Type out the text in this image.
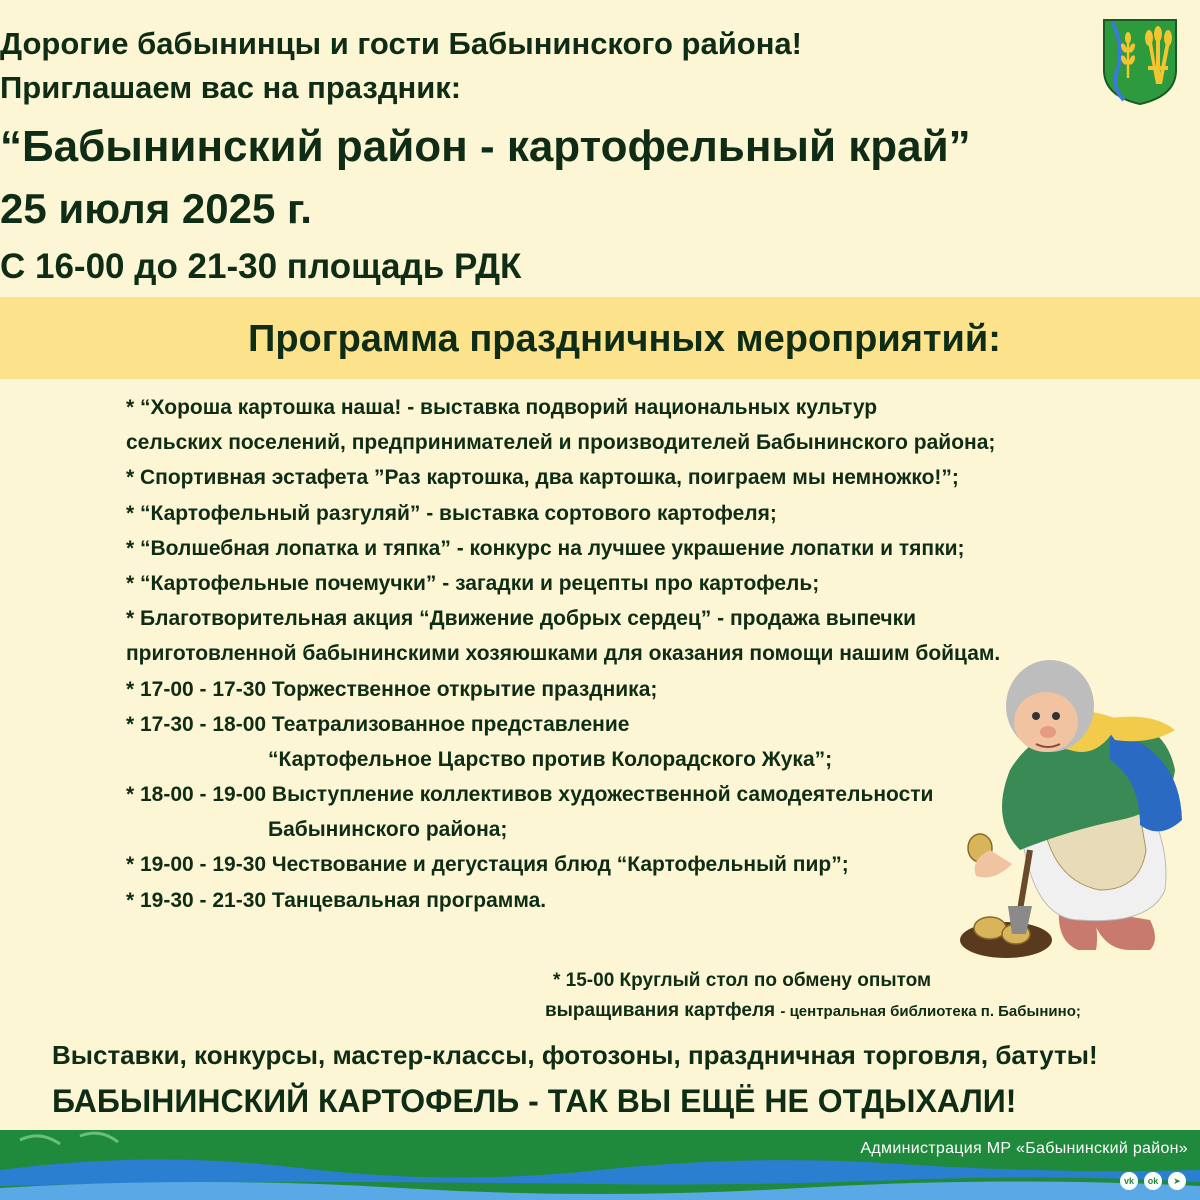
Дорогие бабынинцы и гости Бабынинского района!
Приглашаем вас на праздник:
“Бабынинский район - картофельный край”
25 июля 2025 г.
С 16-00 до 21-30 площадь РДК
Программа праздничных мероприятий:
* “Хороша картошка наша! - выставка подворий национальных культур
сельских поселений, предпринимателей и производителей Бабынинского района;
* Спортивная эстафета ”Раз картошка, два картошка, поиграем мы немножко!”;
* “Картофельный разгуляй” - выставка сортового картофеля;
* “Волшебная лопатка и тяпка” - конкурс на лучшее украшение лопатки и тяпки;
* “Картофельные почемучки” - загадки и рецепты про картофель;
* Благотворительная акция “Движение добрых сердец” - продажа выпечки
приготовленной бабынинскими хозяюшками для оказания помощи нашим бойцам.
* 17-00 - 17-30 Торжественное открытие праздника;
* 17-30 - 18-00 Театрализованное представление
“Картофельное Царство против Колорадского Жука”;
* 18-00 - 19-00 Выступление коллективов художественной самодеятельности
Бабынинского района;
* 19-00 - 19-30 Чествование и дегустация блюд “Картофельный пир”;
* 19-30 - 21-30 Танцевальная программа.
* 15-00 Круглый стол по обмену опытом
выращивания картфеля - центральная библиотека п. Бабынино;
Выставки, конкурсы, мастер-классы, фотозоны, праздничная торговля, батуты!
БАБЫНИНСКИЙ КАРТОФЕЛЬ - ТАК ВЫ ЕЩЁ НЕ ОТДЫХАЛИ!
Администрация МР «Бабынинский район»
vk	ok	➤
